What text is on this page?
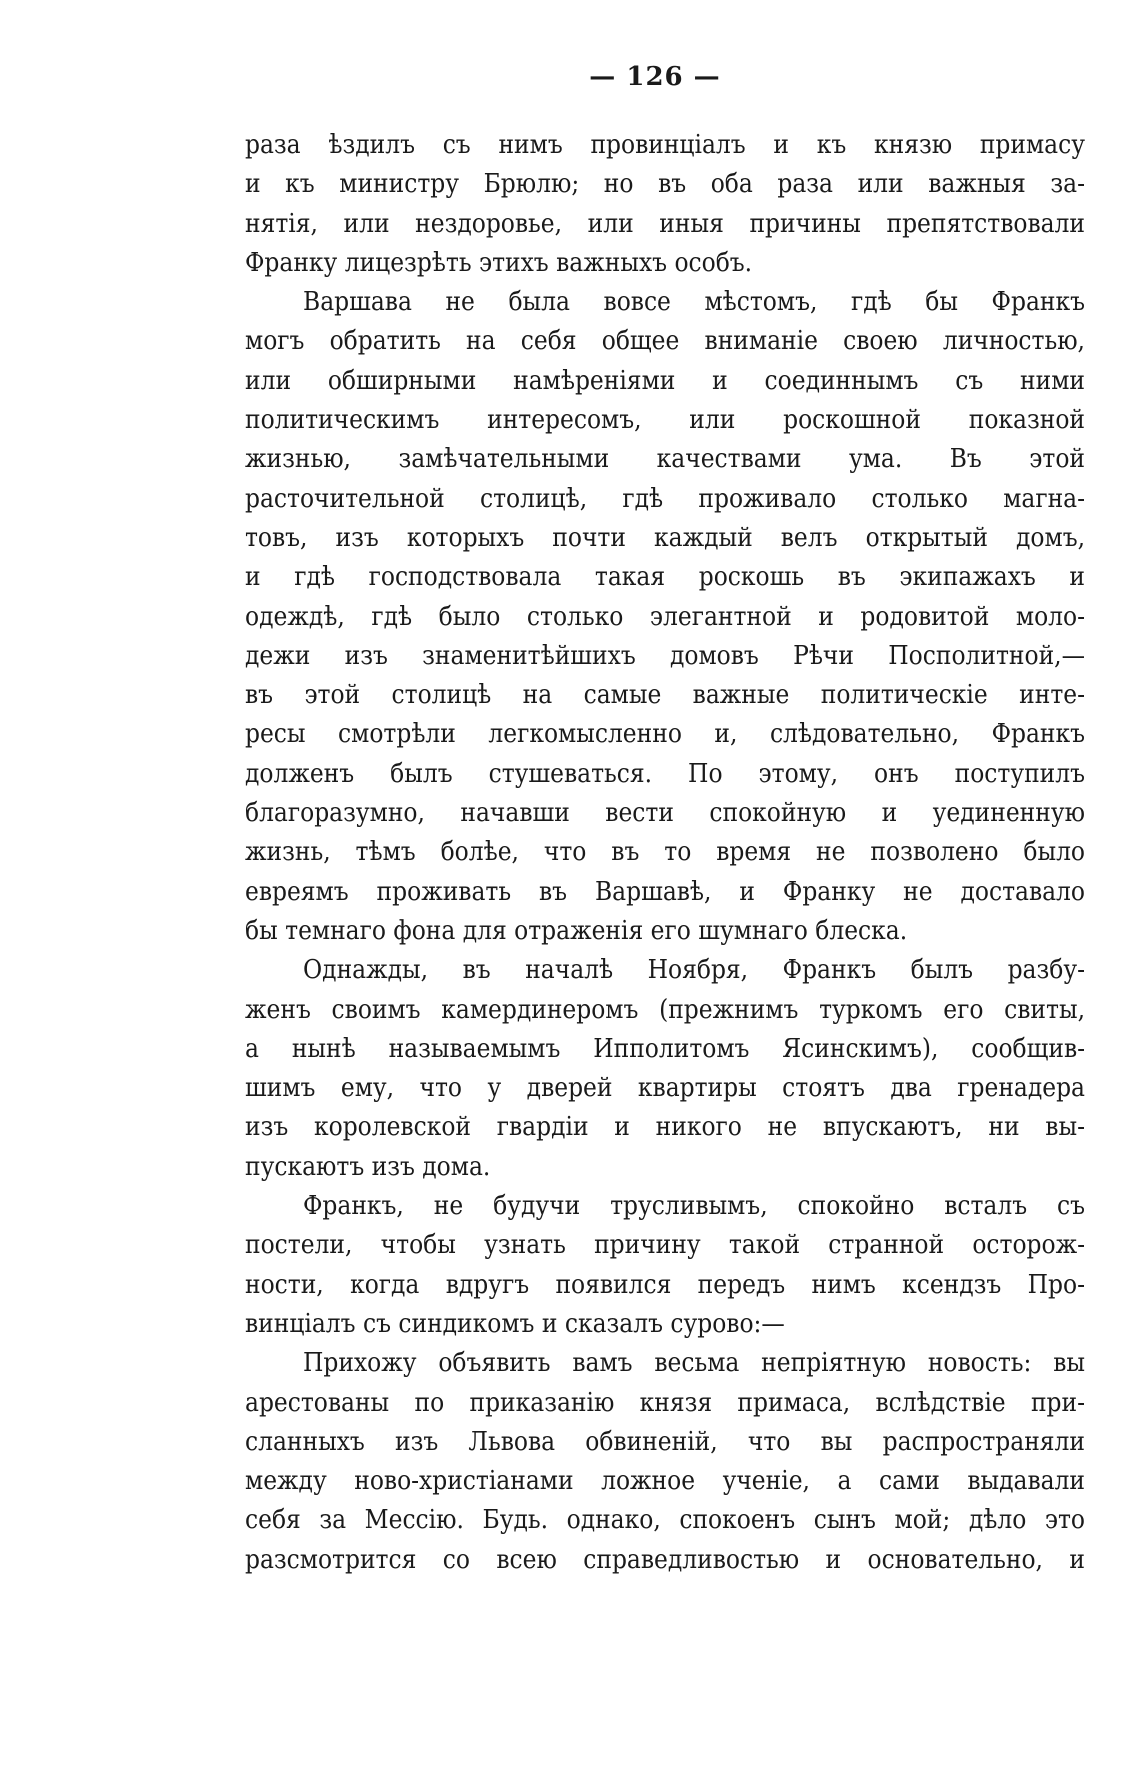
— 126 —
раза ѣздилъ съ нимъ провинціалъ и къ князю примасу
и къ министру Брюлю; но въ оба раза или важныя за-
нятія, или нездоровье, или иныя причины препятствовали
Франку лицезрѣть этихъ важныхъ особъ.
Варшава не была вовсе мѣстомъ, гдѣ бы Франкъ
могъ обратить на себя общее вниманіе своею личностью,
или обширными намѣреніями и соединнымъ съ ними
политическимъ интересомъ, или роскошной показной
жизнью, замѣчательными качествами ума. Въ этой
расточительной столицѣ, гдѣ проживало столько магна-
товъ, изъ которыхъ почти каждый велъ открытый домъ,
и гдѣ господствовала такая роскошь въ экипажахъ и
одеждѣ, гдѣ было столько элегантной и родовитой моло-
дежи изъ знаменитѣйшихъ домовъ Рѣчи Посполитной,—
въ этой столицѣ на самые важные политическіе инте-
ресы смотрѣли легкомысленно и, слѣдовательно, Франкъ
долженъ былъ стушеваться. По этому, онъ поступилъ
благоразумно, начавши вести спокойную и уединенную
жизнь, тѣмъ болѣе, что въ то время не позволено было
евреямъ проживать въ Варшавѣ, и Франку не доставало
бы темнаго фона для отраженія его шумнаго блеска.
Однажды, въ началѣ Ноября, Франкъ былъ разбу-
женъ своимъ камердинеромъ (прежнимъ туркомъ его свиты,
а нынѣ называемымъ Ипполитомъ Ясинскимъ), сообщив-
шимъ ему, что у дверей квартиры стоятъ два гренадера
изъ королевской гвардіи и никого не впускаютъ, ни вы-
пускаютъ изъ дома.
Франкъ, не будучи трусливымъ, спокойно всталъ съ
постели, чтобы узнать причину такой странной осторож-
ности, когда вдругъ появился передъ нимъ ксендзъ Про-
винціалъ съ синдикомъ и сказалъ сурово:—
Прихожу объявить вамъ весьма непріятную новость: вы
арестованы по приказанію князя примаса, вслѣдствіе при-
сланныхъ изъ Львова обвиненій, что вы распространяли
между ново-христіанами ложное ученіе, а сами выдавали
себя за Мессію. Будь. однако, спокоенъ сынъ мой; дѣло это
разсмотрится со всею справедливостью и основательно, и
